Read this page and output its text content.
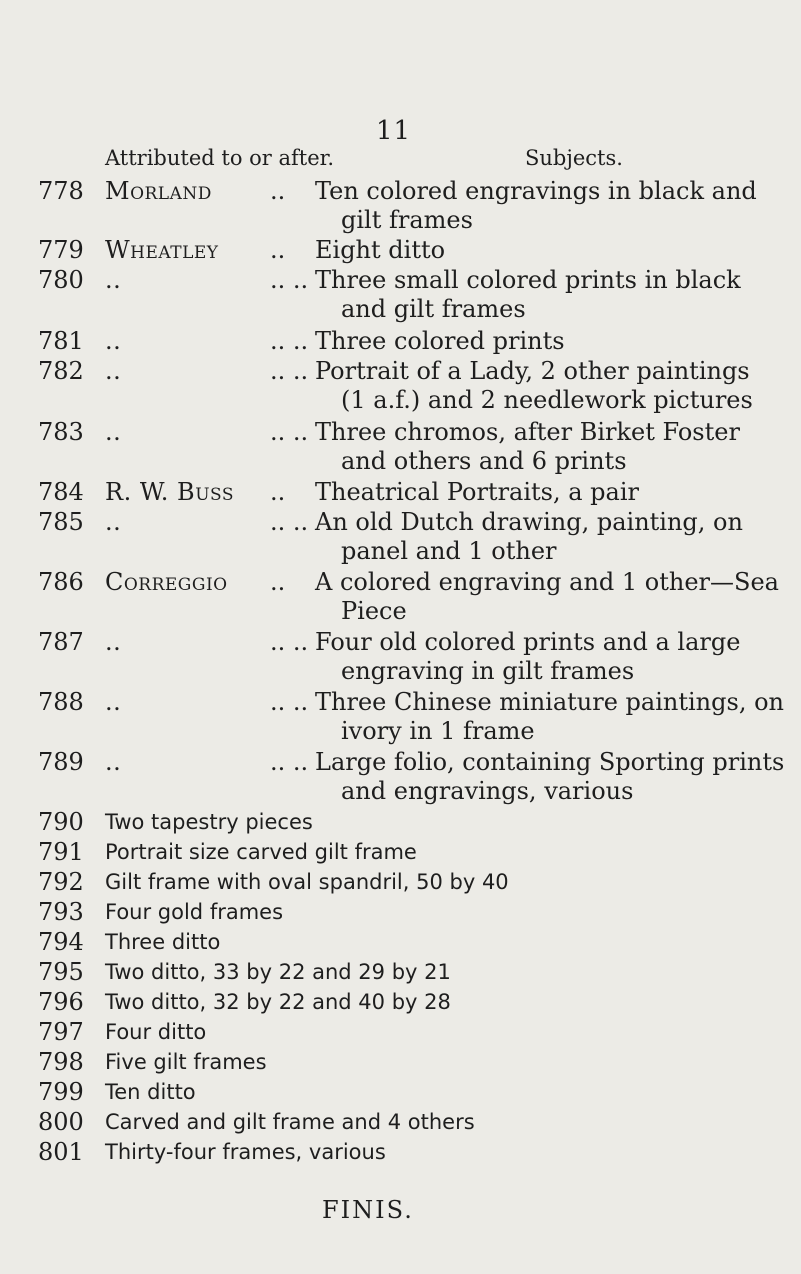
11
Attributed to or after.	Subjects.
778 Morland .. Ten colored engravings in black and
gilt frames
779 Wheatley .. Eight ditto
780 ..	.. .. Three small colored prints in black
and gilt frames
781 ..	.. .. Three colored prints
782 ..	.. .. Portrait of a Lady, 2 other paintings
(1 a.f.) and 2 needlework pictures
783 ..	.. .. Three chromos, after Birket Foster
and others and 6 prints
784 R. W. Buss .. Theatrical Portraits, a pair
785 ..	.. .. An old Dutch drawing, painting, on
panel and 1 other
786 Correggio .. A colored engraving and 1 other—Sea
Piece
787 ..	.. .. Four old colored prints and a large
engraving in gilt frames
788 ..	.. .. Three Chinese miniature paintings, on
ivory in 1 frame
789 ..	.. .. Large folio, containing Sporting prints
and engravings, various
790 Two tapestry pieces
791 Portrait size carved gilt frame
792 Gilt frame with oval spandril, 50 by 40
793 Four gold frames
794 Three ditto
795 Two ditto, 33 by 22 and 29 by 21
796 Two ditto, 32 by 22 and 40 by 28
797 Four ditto
798 Five gilt frames
799 Ten ditto
800 Carved and gilt frame and 4 others
801 Thirty-four frames, various
FINIS.
